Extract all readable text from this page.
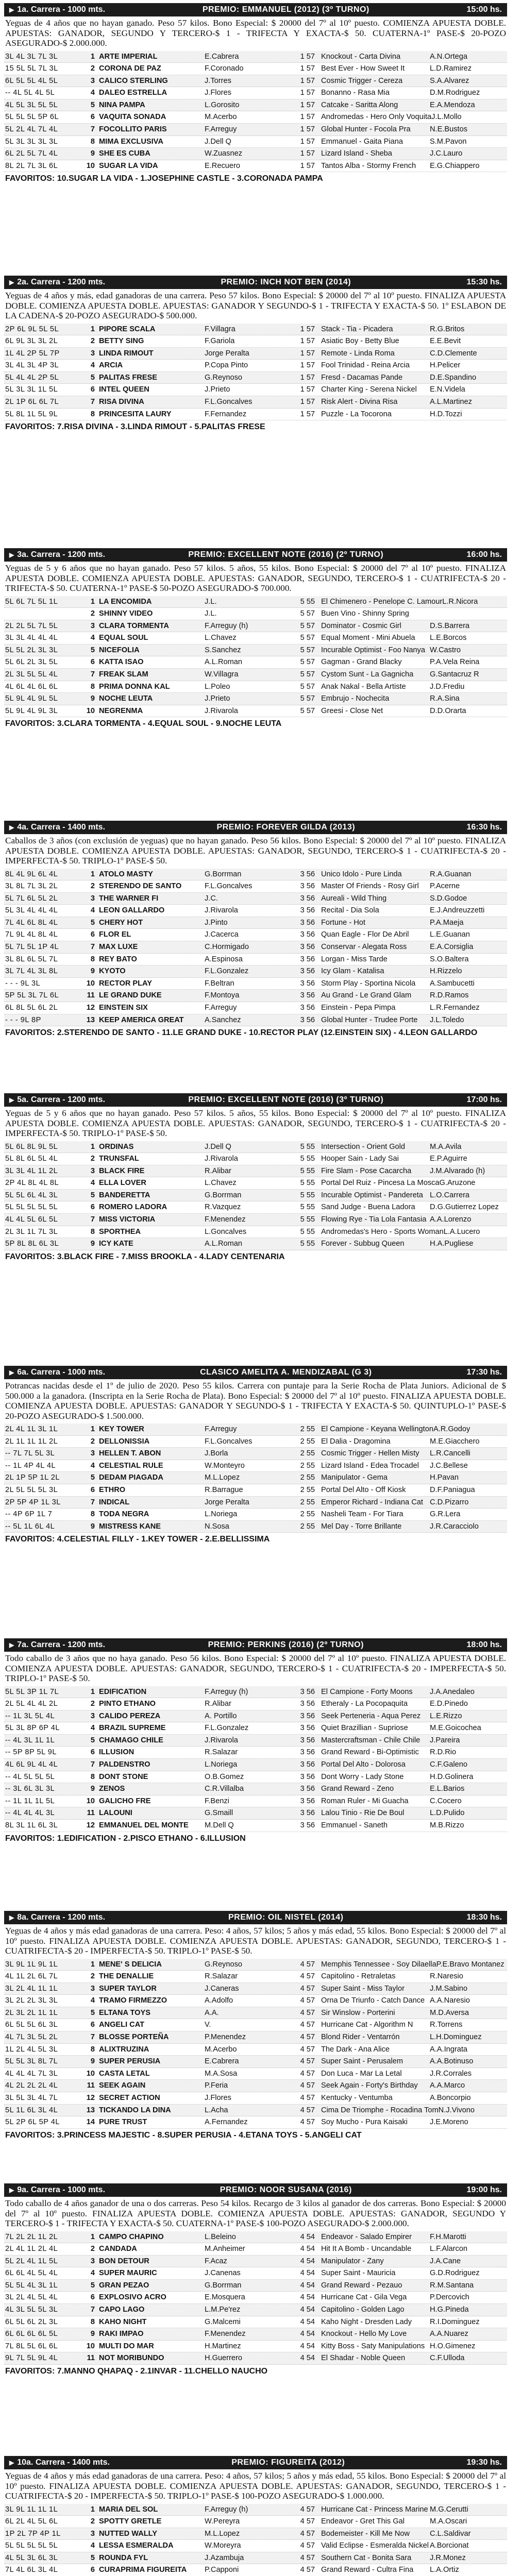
▶ 1a. Carrera - 1000 mts.	PREMIO: EMMANUEL (2012) (3º TURNO)	15:00 hs.
Yeguas de 4 años que no hayan ganado. Peso 57 kilos. Bono Especial: $ 20000 del 7º al 10º puesto. COMIENZA APUESTA DOBLE. APUESTAS: GANADOR, SEGUNDO Y TERCERO-$ 1 - TRIFECTA Y EXACTA-$ 50. CUATERNA-1º PASE-$ 20-POZO ASEGURADO-$ 2.000.000.
3L 4L 3L 7L 3L	1 ARTE IMPERIAL	E.Cabrera	1 57 Knockout - Carta Divina	A.N.Ortega
15 5L 5L 7L 3L	2 CORONA DE PAZ	F.Coronado	1 57 Best Ever - How Sweet It	L.D.Ramirez
6L 5L 5L 4L 5L	3 CALICO STERLING	J.Torres	1 57 Cosmic Trigger - Cereza	S.A.Alvarez
-- 4L 5L 4L 5L	4 DALEO ESTRELLA	J.Flores	1 57 Bonanno - Rasa Mia	D.M.Rodriguez
4L 5L 3L 5L 5L	5 NINA PAMPA	L.Gorosito	1 57 Catcake - Saritta Along	E.A.Mendoza
5L 5L 5L 5P 6L	6 VAQUITA SONADA	M.Acerbo	1 57 Andromedas - Hero Only Voquita J.L.Mollo
5L 2L 4L 7L 4L	7 FOCOLLITO PARIS	F.Arreguy	1 57 Global Hunter - Focola Pra	N.E.Bustos
5L 3L 3L 3L 3L	8 MIMA EXCLUSIVA	J.Dell Q	1 57 Emmanuel - Gaita Piana	S.M.Pavon
6L 2L 5L 7L 4L	9 SHE ES CUBA	W.Zuasnez	1 57 Lizard Island - Sheba	J.C.Lauro
8L 2L 7L 3L 6L	10 SUGAR LA VIDA	E.Recuero	1 57 Tantos Alba - Stormy French	E.G.Chiappero
FAVORITOS: 10.SUGAR LA VIDA - 1.JOSEPHINE CASTLE - 3.CORONADA PAMPA
▶ 2a. Carrera - 1200 mts.	PREMIO: INCH NOT BEN (2014)	15:30 hs.
Yeguas de 4 años y más, edad ganadoras de una carrera. Peso 57 kilos. Bono Especial: $ 20000 del 7º al 10º puesto. FINALIZA APUESTA DOBLE. COMIENZA APUESTA DOBLE. APUESTAS: GANADOR Y SEGUNDO-$ 1 - TRIFECTA Y EXACTA-$ 50. 1º ESLABON DE LA CADENA-$ 20-POZO ASEGURADO-$ 500.000.
2P 6L 9L 5L 5L	1 PIPORE SCALA	F.Villagra	1 57 Stack - Tia - Picadera	R.G.Britos
6L 9L 3L 3L 2L	2 BETTY SING	F.Gariola	1 57 Asiatic Boy - Betty Blue	E.E.Bevit
1L 4L 2P 5L 7P	3 LINDA RIMOUT	Jorge Peralta	1 57 Remote - Linda Roma	C.D.Clemente
3L 4L 3L 4P 3L	4 ARCIA	P.Copa Pinto	1 57 Fool Trinidad - Reina Arcia	H.Pelicer
5L 4L 4L 2P 5L	5 PALITAS FRESE	G.Reynoso	1 57 Fresd - Dacamas Pande	D.E.Spandino
5L 3L 3L 1L 5L	6 INTEL QUEEN	J.Prieto	1 57 Charter King - Serena Nickel	E.N.Videla
2L 1P 6L 6L 7L	7 RISA DIVINA	F.L.Goncalves	1 57 Risk Alert - Divina Risa	A.L.Martinez
5L 8L 1L 5L 9L	8 PRINCESITA LAURY	F.Fernandez	1 57 Puzzle - La Tocorona	H.D.Tozzi
FAVORITOS: 7.RISA DIVINA - 3.LINDA RIMOUT - 5.PALITAS FRESE
▶ 3a. Carrera - 1200 mts.	PREMIO: EXCELLENT NOTE (2016) (2º TURNO)	16:00 hs.
Yeguas de 5 y 6 años que no hayan ganado. Peso 57 kilos. 5 años, 55 kilos. Bono Especial: $ 20000 del 7º al 10º puesto. FINALIZA APUESTA DOBLE. COMIENZA APUESTA DOBLE. APUESTAS: GANADOR, SEGUNDO, TERCERO-$ 1 - CUATRIFECTA-$ 20 - TRIFECTA-$ 50. CUATERNA-1º PASE-$ 50-POZO ASEGURADO-$ 700.000.
5L 6L 7L 5L 1L	1 LA ENCOMIDA	J.L.	5 55 El Chimenero - Penelope C. Lamour L.R.Nicora
2 SHINNY VIDEO	J.L.	5 57 Buen Vino - Shinny Spring
2L 2L 5L 7L 5L	3 CLARA TORMENTA	F.Arreguy (h)	5 57 Dominator - Cosmic Girl	D.S.Barrera
3L 3L 4L 4L 4L	4 EQUAL SOUL	L.Chavez	5 57 Equal Moment - Mini Abuela	L.E.Borcos
5L 5L 2L 3L 3L	5 NICEFOLIA	S.Sanchez	5 57 Incurable Optimist - Foo Nanya W.Castro
5L 6L 2L 3L 5L	6 KATTA ISAO	A.L.Roman	5 57 Gagman - Grand Blacky	P.A.Vela Reina
2L 3L 5L 5L 4L	7 FREAK SLAM	W.Villagra	5 57 Cystom Sunt - La Gagnicha	G.Santacruz R
4L 6L 4L 6L 6L	8 PRIMA DONNA KAL	L.Poleo	5 57 Anak Nakal - Bella Artiste	J.D.Frediu
5L 9L 4L 9L 5L	9 NOCHE LEUTA	J.Prieto	5 57 Embrujo - Nochecita	R.A.Sina
5L 9L 4L 9L 3L	10 NEGRENMA	J.Rivarola	5 57 Greesi - Close Net	D.D.Orarta
FAVORITOS: 3.CLARA TORMENTA - 4.EQUAL SOUL - 9.NOCHE LEUTA
▶ 4a. Carrera - 1400 mts.	PREMIO: FOREVER GILDA (2013)	16:30 hs.
Caballos de 3 años (con exclusión de yeguas) que no hayan ganado. Peso 56 kilos. Bono Especial: $ 20000 del 7º al 10º puesto. FINALIZA APUESTA DOBLE. COMIENZA APUESTA DOBLE. APUESTAS: GANADOR, SEGUNDO, TERCERO-$ 1 - CUATRIFECTA-$ 20 - IMPERFECTA-$ 50. TRIPLO-1º PASE-$ 50.
8L 4L 9L 6L 4L	1 ATOLO MASTY	G.Borrman	3 56 Unico Idolo - Pure Linda	R.A.Guanan
3L 8L 7L 3L 2L	2 STERENDO DE SANTO	F.L.Goncalves	3 56 Master Of Friends - Rosy Girl	P.Acerne
5L 7L 6L 5L 2L	3 THE WARNER FI	J.C.	3 56 Aureali - Wild Thing	S.D.Godoe
5L 3L 4L 4L 4L	4 LEON GALLARDO	J.Rivarola	3 56 Recital - Dia Sola	E.J.Andreuzzetti
7L 4L 6L 8L 4L	5 CHERY HOT	J.Pinto	3 56 Fortune - Hot	P.A.Maeja
7L 9L 4L 8L 4L	6 FLOR EL	J.Cacerca	3 56 Quan Eagle - Flor De Abril	L.E.Guanan
5L 7L 5L 1P 4L	7 MAX LUXE	C.Hormigado	3 56 Conservar - Alegata Ross	E.A.Corsiglia
3L 8L 6L 5L 7L	8 REY BATO	A.Espinosa	3 56 Lorgan - Miss Tarde	S.O.Baltera
3L 7L 4L 3L 8L	9 KYOTO	F.L.Gonzalez	3 56 Icy Glam - Katalisa	H.Rizzelo
- - - 9L 3L	10 RECTOR PLAY	F.Beltran	3 56 Storm Play - Sportina Nicola	A.Sambucetti
5P 5L 3L 7L 6L	11 LE GRAND DUKE	F.Montoya	3 56 Au Grand - Le Grand Glam	R.D.Ramos
6L 8L 5L 6L 2L	12 EINSTEIN SIX	F.Arreguy	3 56 Einstein - Pepa Pimpa	L.R.Fernandez
- - - 9L 8P	13 KEEP AMERICA GREAT	A.Sanchez	3 56 Global Hunter - Trudee Porte	J.L.Toledo
FAVORITOS: 2.STERENDO DE SANTO - 11.LE GRAND DUKE - 10.RECTOR PLAY (12.EINSTEIN SIX) - 4.LEON GALLARDO
▶ 5a. Carrera - 1200 mts.	PREMIO: EXCELLENT NOTE (2016) (3º TURNO)	17:00 hs.
Yeguas de 5 y 6 años que no hayan ganado. Peso 57 kilos. 5 años, 55 kilos. Bono Especial: $ 20000 del 7º al 10º puesto. FINALIZA APUESTA DOBLE. COMIENZA APUESTA DOBLE. APUESTAS: GANADOR, SEGUNDO, TERCERO-$ 1 - CUATRIFECTA-$ 20 - IMPERFECTA-$ 50. TRIPLO-1º PASE-$ 50.
5L 6L 8L 9L 5L	1 ORDINAS	J.Dell Q	5 55 Intersection - Orient Gold	M.A.Avila
5L 8L 6L 5L 4L	2 TRUNSFAL	J.Rivarola	5 55 Hooper Sain - Lady Sai	E.P.Aguirre
3L 3L 4L 1L 2L	3 BLACK FIRE	R.Alibar	5 55 Fire Slam - Pose Cacarcha	J.M.Alvarado (h)
2P 4L 8L 4L 8L	4 ELLA LOVER	L.Chavez	5 55 Portal Del Ruiz - Pincesa La Mosca G.Aruzone
5L 5L 6L 4L 3L	5 BANDERETTA	G.Borrman	5 55 Incurable Optimist - Pandereta L.O.Carrera
5L 5L 5L 5L 5L	6 ROMERO LADORA	R.Vazquez	5 55 Sand Judge - Buena Ladora	D.G.Gutierrez Lopez
4L 4L 5L 6L 5L	7 MISS VICTORIA	F.Menendez	5 55 Flowing Rye - Tia Lola Fantasia A.A.Lorenzo
2L 3L 1L 7L 3L	8 SPORTHEA	L.Goncalves	5 55 Andromedas's Hero - Sports Woman L.A.Lucero
5P 8L 8L 6L 3L	9 ICY KATE	A.L.Roman	5 55 Forever - Subbug Queen	H.A.Pugliese
FAVORITOS: 3.BLACK FIRE - 7.MISS BROOKLA - 4.LADY CENTENARIA
▶ 6a. Carrera - 1000 mts.	CLASICO AMELITA A. MENDIZABAL (G 3)	17:30 hs.
Potrancas nacidas desde el 1º de julio de 2020. Peso 55 kilos. Carrera con puntaje para la Serie Rocha de Plata Juniors. Adicional de $ 500.000 a la ganadora. (Inscripta en la Serie Rocha de Plata). Bono Especial: $ 20000 del 7º al 10º puesto. FINALIZA APUESTA DOBLE. COMIENZA APUESTA DOBLE. APUESTAS: GANADOR Y SEGUNDO-$ 1 - TRIFECTA Y EXACTA-$ 50. QUINTUPLO-1º PASE-$ 20-POZO ASEGURADO-$ 1.500.000.
2L 4L 1L 3L 1L	1 KEY TOWER	F.Arreguy	2 55 El Campione - Keyana Wellington A.R.Godoy
2L 1L 1L 1L 2L	2 DELLONISSIA	F.L.Goncalves	2 55 El Dalia - Dragomina	M.E.Giacchero
-- 7L 7L 5L 3L	3 HELLEN T. ABON	J.Borla	2 55 Cosmic Trigger - Hellen Misty	L.R.Cancelli
-- 1L 4P 4L 4L	4 CELESTIAL RULE	W.Monteyro	2 55 Lizard Island - Edea Trocadel	J.C.Bellese
2L 1P 5P 1L 2L	5 DEDAM PIAGADA	M.L.Lopez	2 55 Manipulator - Gema	H.Pavan
2L 5L 5L 5L 3L	6 ETHRO	R.Barrague	2 55 Portal Del Alto - Off Kiosk	D.F.Paniagua
2P 5P 4P 1L 3L	7 INDICAL	Jorge Peralta	2 55 Emperor Richard - Indiana Cat C.D.Pizarro
-- 4P 6P 1L 7	8 TODA NEGRA	L.Noriega	2 55 Nasheli Team - For Tiara	G.R.Lera
-- 5L 1L 6L 4L	9 MISTRESS KANE	N.Sosa	2 55 Mel Day - Torre Brillante	J.R.Caracciolo
FAVORITOS: 4.CELESTIAL FILLY - 1.KEY TOWER - 2.E.BELLISSIMA
▶ 7a. Carrera - 1200 mts.	PREMIO: PERKINS (2016) (2º TURNO)	18:00 hs.
Todo caballo de 3 años que no haya ganado. Peso 56 kilos. Bono Especial: $ 20000 del 7º al 10º puesto. FINALIZA APUESTA DOBLE. COMIENZA APUESTA DOBLE. APUESTAS: GANADOR, SEGUNDO, TERCERO-$ 1 - CUATRIFECTA-$ 20 - IMPERFECTA-$ 50. TRIPLO-1º PASE-$ 50.
5L 5L 3P 1L 7L	1 EDIFICATION	F.Arreguy (h)	3 56 El Campione - Forty Moons	J.A.Anedaleo
2L 5L 4L 4L 2L	2 PINTO ETHANO	R.Alibar	3 56 Etheraly - La Pocopaquita	E.D.Pinedo
-- 1L 3L 5L 4L	3 CALIDO PEREZA	A. Portillo	3 56 Seek Perteneria - Aqua Perez	L.E.Rizzo
5L 3L 8P 6P 4L	4 BRAZIL SUPREME	F.L.Gonzalez	3 56 Quiet Brazillian - Supriose	M.E.Goicochea
-- 4L 3L 1L 1L	5 CHAMAGO CHILE	J.Rivarola	3 56 Mastercraftsman - Chile Chile	J.Pareira
-- 5P 8P 5L 9L	6 ILLUSION	R.Salazar	3 56 Grand Reward - Bi-Optimistic	R.D.Rio
4L 6L 9L 4L 4L	7 PALDENSTRO	L.Noriega	3 56 Portal Del Alto - Dolorosa	C.F.Galeno
-- 4L 5L 5L 5L	8 DONT STONE	O.B.Gomez	3 56 Dont Worry - Lady Stone	H.D.Golinera
-- 3L 6L 3L 3L	9 ZENOS	C.R.Villalba	3 56 Grand Reward - Zeno	E.L.Barios
-- 1L 1L 1L 5L	10 GALICHO FRE	F.Benzi	3 56 Roman Ruler - Mi Guacha	C.Cocero
-- 4L 4L 4L 3L	11 LALOUNI	G.Smaill	3 56 Lalou Tinio - Rie De Boul	L.D.Pulido
8L 3L 1L 6L 3L	12 EMMANUEL DEL MONTE	M.Dell Q	3 56 Emmanuel - Saneth	M.B.Rizzo
FAVORITOS: 1.EDIFICATION - 2.PISCO ETHANO - 6.ILLUSION
▶ 8a. Carrera - 1200 mts.	PREMIO: OIL NISTEL (2014)	18:30 hs.
Yeguas de 4 años y más edad ganadoras de una carrera. Peso: 4 años, 57 kilos; 5 años y más edad, 55 kilos. Bono Especial: $ 20000 del 7º al 10º puesto. FINALIZA APUESTA DOBLE. COMIENZA APUESTA DOBLE. APUESTAS: GANADOR, SEGUNDO, TERCERO-$ 1 - CUATRIFECTA-$ 20 - IMPERFECTA-$ 50. TRIPLO-1º PASE-$ 50.
3L 9L 1L 9L 1L	1 MENE' S DELICIA	G.Reynoso	4 57 Memphis Tennessee - Soy Dilaella P.E.Bravo Montanez
4L 1L 2L 6L 7L	2 THE DENALLIE	R.Salazar	4 57 Capitolino - Retraletas	R.Naresio
3L 2L 4L 1L 1L	3 SUPER TAYLOR	J.Caneras	4 57 Super Saint - Miss Taylor	J.M.Sabino
3L 2L 2L 3L 3L	4 TRAMO FIRMEZZO	A.Adolfo	4 57 Orna De Triunfo - Catch Dance A.A.Naresio
2L 3L 2L 1L 1L	5 ELTANA TOYS	A.A.	4 57 Sir Winslow - Porterini	M.D.Aversa
6L 5L 5L 6L 3L	6 ANGELI CAT	V.	4 57 Hurricane Cat - Algorithm N	R.Torrens
4L 7L 3L 5L 2L	7 BLOSSE PORTEÑA	P.Menendez	4 57 Blond Rider - Ventarrón	L.H.Dominguez
1L 2L 4L 5L 3L	8 ALIXTRUZINA	M.Acerbo	4 57 The Dark - Ana Alice	A.A.Ingrata
5L 5L 3L 8L 7L	9 SUPER PERUSIA	E.Cabrera	4 57 Super Saint - Perusalem	A.A.Botinuso
4L 4L 4L 7L 3L	10 CASTA LETAL	M.A.Sosa	4 57 Don Luca - Mar La Letal	J.R.Corrales
4L 2L 2L 2L 4L	11 SEEK AGAIN	P.Feria	4 57 Seek Again - Forty's Birthday	A.A.Marco
3L 5L 3L 4L 7L	12 SECRET ACTION	J.Flores	4 57 Kentucky - Ventumba	A.Boncorpio
5L 1L 6L 3L 4L	13 TICKANDO LA DINA	L.Acha	4 57 Cima De Triomphe - Rocadina Tom N.J.Vivono
5L 2P 6L 5P 4L	14 PURE TRUST	A.Fernandez	4 57 Soy Mucho - Pura Kaisaki	J.E.Moreno
FAVORITOS: 3.PRINCESS MAJESTIC - 8.SUPER PERUSIA - 4.ETANA TOYS - 5.ANGELI CAT
▶ 9a. Carrera - 1000 mts.	PREMIO: NOOR SUSANA (2016)	19:00 hs.
Todo caballo de 4 años ganador de una o dos carreras. Peso 54 kilos. Recargo de 3 kilos al ganador de dos carreras. Bono Especial: $ 20000 del 7º al 10º puesto. FINALIZA APUESTA DOBLE. COMIENZA APUESTA DOBLE. APUESTAS: GANADOR, SEGUNDO Y TERCERO-$ 1 - TRIFECTA Y EXACTA-$ 50. CUATERNA-1º PASE-$ 100-POZO ASEGURADO-$ 2.000.000.
7L 2L 2L 1L 2L	1 CAMPO CHAPINO	L.Beleino	4 54 Endeavor - Salado Empirer	F.H.Marotti
2L 4L 1L 2L 4L	2 CANDADA	M.Anheimer	4 54 Hit It A Bomb - Uncandable	L.F.Alarcon
5L 2L 4L 1L 5L	3 BON DETOUR	F.Acaz	4 54 Manipulator - Zany	J.A.Cane
6L 6L 4L 5L 4L	4 SUPER MAURIC	J.Canenas	4 54 Super Saint - Mauricia	G.D.Rodriguez
5L 5L 4L 3L 1L	5 GRAN PEZAO	G.Borrman	4 54 Grand Reward - Pezauo	R.M.Santana
3L 2L 4L 5L 4L	6 EXPLOSIVO ACRO	E.Mosquera	4 54 Hurricane Cat - Gila Vega	P.Dercovich
4L 3L 5L 5L 3L	7 CAPO LAGO	L.M.Pe'rez	4 54 Capitolino - Golden Lago	H.G.Pineda
6L 5L 6L 2L 3L	8 KAHO NIGHT	G.Malcemi	4 54 Kaho Night - Dresden Lady	R.I.Dominguez
6L 6L 6L 6L 5L	9 RAKI IMPAO	F.Menendez	4 54 Knockout - Hello My Love	A.A.Nuarez
7L 8L 5L 6L 6L	10 MULTI DO MAR	H.Martinez	4 54 Kitty Boss - Saty Manipulations H.O.Gimenez
9L 7L 5L 9L 4L	11 NOT MORIBUNDO	H.Guerrero	4 54 El Shadar - Noble Queen	C.F.Ulloda
FAVORITOS: 7.MANNO QHAPAQ - 2.1INVAR - 11.CHELLO NAUCHO
▶ 10a. Carrera - 1400 mts.	PREMIO: FIGUREITA (2012)	19:30 hs.
Yeguas de 4 años y más edad ganadoras de una carrera. Peso: 4 años, 57 kilos; 5 años y más edad, 55 kilos. Bono Especial: $ 20000 del 7º al 10º puesto. FINALIZA APUESTA DOBLE. COMIENZA APUESTA DOBLE. APUESTAS: GANADOR, SEGUNDO, TERCERO-$ 1 - CUATRIFECTA-$ 20 - IMPERFECTA-$ 50. TRIPLO-1º PASE-$ 100-POZO ASEGURADO-$ 1.000.000.
3L 9L 1L 1L 1L	1 MARIA DEL SOL	F.Arreguy (h)	4 57 Hurricane Cat - Princess Marine M.G.Cerutti
6L 2L 4L 5L 6L	2 SPOTTY GRETLE	W.Pereyra	4 57 Endeavor - Gret This Gal	M.A.Oscari
1P 2L 7P 4P 1L	3 NUTTED WALLY	M.L.Lopez	4 57 Bodemeister - Kill Me Now	C.L.Saldivar
5L 5L 5L 5L 5L	4 LESSA ESMERALDA	W.Moreyra	4 57 Valid Eclipse - Esmeralda Nickel A.Borcionat
4L 5L 3L 6L 3L	5 ROUNDA FYL	J.Azambuja	4 57 Southern Cat - Bonita Sara	J.R.Monez
7L 4L 6L 3L 4L	6 CURAPRIMA FIGUREITA	P.Capponi	4 57 Grand Reward - Cultra Fina	L.A.Ortiz
